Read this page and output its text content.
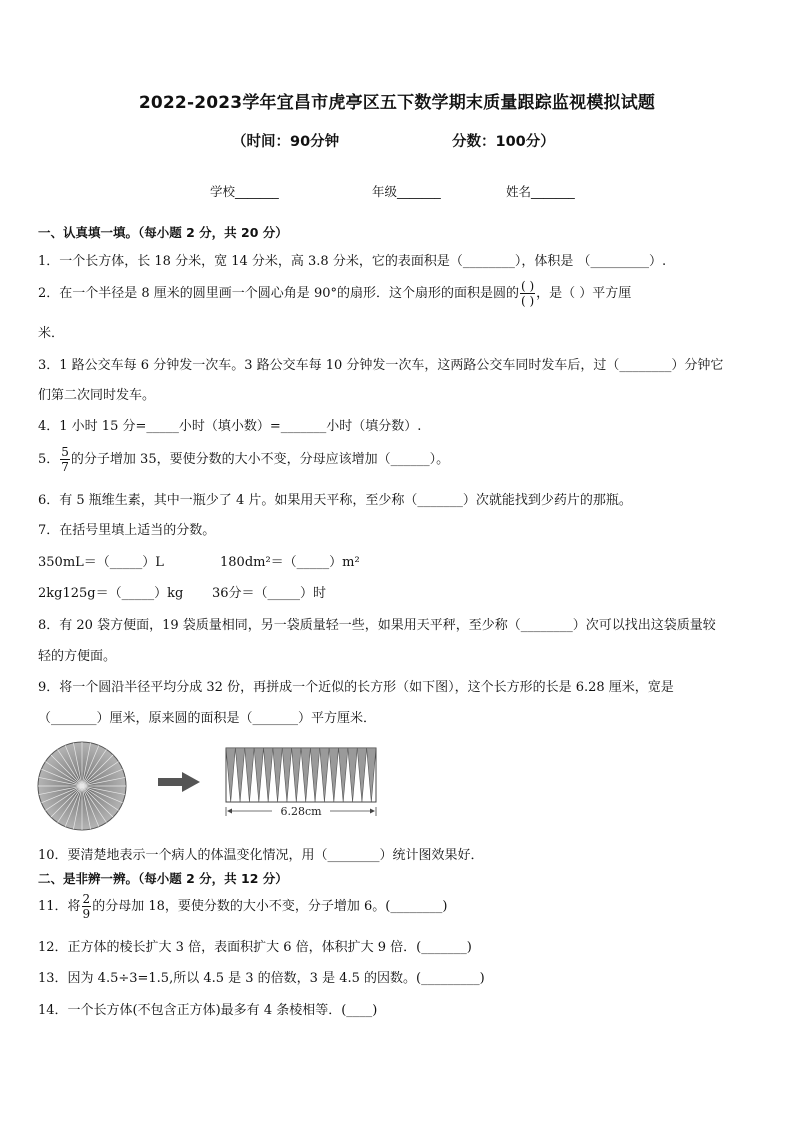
2022-2023学年宜昌市虎亭区五下数学期末质量跟踪监视模拟试题
（时间：90分钟	分数：100分）
学校_______	年级_______	姓名_______
一、认真填一填。（每小题 2 分，共 20 分）
1．一个长方体，长 18 分米，宽 14 分米，高 3.8 分米，它的表面积是（________），体积是 （_________）.
2．在一个半径是 8 厘米的圆里画一个圆心角是 90°的扇形．这个扇形的面积是圆的 $\frac{( )}{( )}$ ，是（ ）平方厘
米．
3．1 路公交车每 6 分钟发一次车。3 路公交车每 10 分钟发一次车，这两路公交车同时发车后，过（________）分钟它
们第二次同时发车。
4．1 小时 15 分=_____小时（填小数）=_______小时（填分数）.
5． $\frac{5}{7}$ 的分子增加 35，要使分数的大小不变，分母应该增加（______）。
6．有 5 瓶维生素，其中一瓶少了 4 片。如果用天平称，至少称（_______）次就能找到少药片的那瓶。
7．在括号里填上适当的分数。
350mL＝（_____）L	180dm²＝（_____）m²
2kg125g＝（_____）kg 36分＝（_____）时
8．有 20 袋方便面，19 袋质量相同，另一袋质量轻一些，如果用天平秤，至少称（________）次可以找出这袋质量较
轻的方便面。
9．将一个圆沿半径平均分成 32 份，再拼成一个近似的长方形（如下图），这个长方形的长是 6.28 厘米，宽是
（_______）厘米，原来圆的面积是（_______）平方厘米．
6.28cm
10．要清楚地表示一个病人的体温变化情况，用（________）统计图效果好．
二、是非辨一辨。（每小题 2 分，共 12 分）
11．将 $\frac{2}{9}$ 的分母加 18，要使分数的大小不变，分子增加 6。(________)
12．正方体的棱长扩大 3 倍，表面积扩大 6 倍，体积扩大 9 倍．(_______)
13．因为 4.5÷3=1.5,所以 4.5 是 3 的倍数，3 是 4.5 的因数。(_________)
14．一个长方体(不包含正方体)最多有 4 条棱相等．(____)
